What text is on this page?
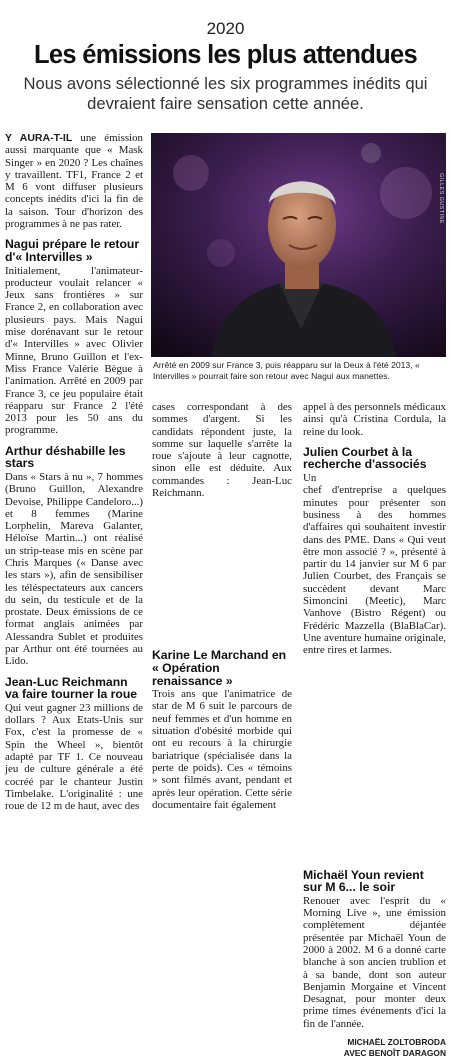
2020
Les émissions les plus attendues
Nous avons sélectionné les six programmes inédits qui devraient faire sensation cette année.

Y AURA-T-IL une émission aussi marquante que « Mask Singer » en 2020 ? Les chaînes y travaillent. TF1, France 2 et M 6 vont diffuser plusieurs concepts inédits d'ici la fin de la saison. Tour d'horizon des programmes à ne pas rater.

Nagui prépare le retour d'« Intervilles »

Initialement, l'animateur-producteur voulait relancer « Jeux sans frontières » sur France 2, en collaboration avec plusieurs pays. Mais Nagui mise dorénavant sur le retour d'« Intervilles » avec Olivier Minne, Bruno Guillon et l'ex-Miss France Valérie Bègue à l'animation. Arrêté en 2009 par France 3, ce jeu populaire était réapparu sur France 2 l'été 2013 pour les 50 ans du programme.

Arthur déshabille les stars

Dans « Stars à nu », 7 hommes (Bruno Guillon, Alexandre Devoise, Philippe Candeloro...) et 8 femmes (Marine Lorphelin, Mareva Galanter, Héloïse Martin...) ont réalisé un strip-tease mis en scène par Chris Marques (« Danse avec les stars »), afin de sensibiliser les téléspectateurs aux cancers du sein, du testicule et de la prostate. Deux émissions de ce format anglais animées par Alessandra Sublet et produites par Arthur ont été tournées au Lido.

Jean-Luc Reichmann va faire tourner la roue

Qui veut gagner 23 millions de dollars ? Aux Etats-Unis sur Fox, c'est la promesse de « Spin the Wheel », bientôt adapté par TF 1. Ce nouveau jeu de culture générale a été cocréé par le chanteur Justin Timbelake. L'originalité : une roue de 12 m de haut, avec des

GILLES GUSTINE
Arrêté en 2009 sur France 3, puis réapparu sur la Deux à l'été 2013, « Intervilles » pourrait faire son retour avec Nagui aux manettes.

cases correspondant à des sommes d'argent. Si les candidats répondent juste, la somme sur laquelle s'arrête la roue s'ajoute à leur cagnotte, sinon elle est déduite. Aux commandes : Jean-Luc Reichmann.

Karine Le Marchand en « Opération renaissance »

Trois ans que l'animatrice de star de M 6 suit le parcours de neuf femmes et d'un homme en situation d'obésité morbide qui ont eu recours à la chirurgie bariatrique (spécialisée dans la perte de poids). Ces « témoins » sont filmés avant, pendant et après leur opération. Cette série documentaire fait également

appel à des personnels médicaux ainsi qu'à Cristina Cordula, la reine du look.

Julien Courbet à la recherche d'associés

Un

chef d'entreprise a quelques minutes pour présenter son business à des hommes d'affaires qui souhaitent investir dans des PME. Dans « Qui veut être mon associé ? », présenté à partir du 14 janvier sur M 6 par Julien Courbet, des Français se succèdent devant Marc Simoncini (Meetic), Marc Vanhove (Bistro Régent) ou Frédéric Mazzella (BlaBlaCar). Une aventure humaine originale, entre rires et larmes.

Michaël Youn revient sur M 6... le soir

Renouer avec l'esprit du « Morning Live », une émission complètement déjantée présentée par Michaël Youn de 2000 à 2002. M 6 a donné carte blanche à son ancien trublion et à sa bande, dont son auteur Benjamin Morgaine et Vincent Desagnat, pour monter deux prime times événements d'ici la fin de l'année.

MICHAËL ZOLTOBRODA
AVEC BENOÎT DARAGON
